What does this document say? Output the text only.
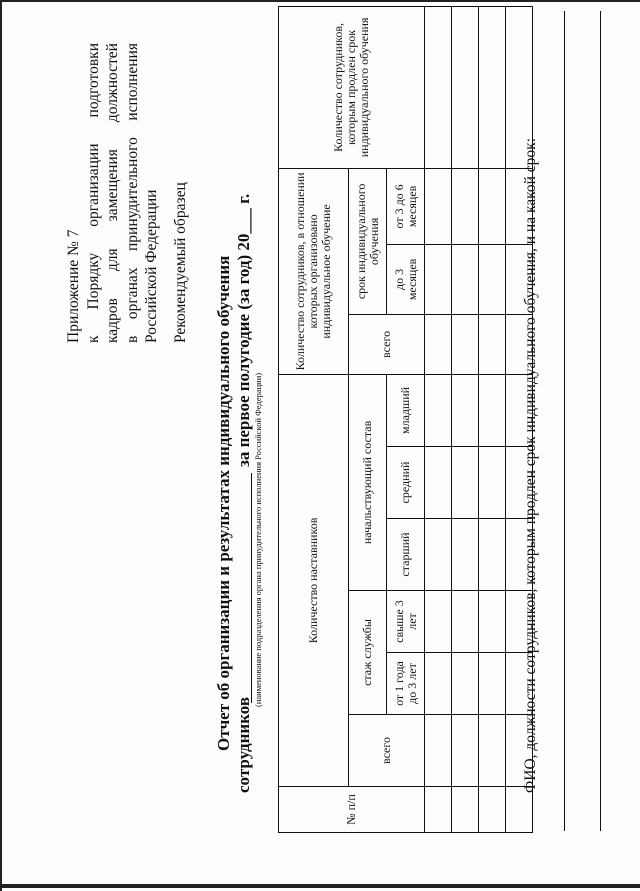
Приложение № 7 к
Порядку
организации
подготовки
кадров
для
замещения
должностей
в
органах
принудительного
исполнения
Российской Федерации Рекомендуемый образец Отчет об организации и результатах индивидуального обучения сотрудников
за первое полугодие (за год) 20___ г.
(наименование подразделения органа принудительного исполнения Российской Федерации)
№ п/п	Количество наставников						Количество сотрудников, в отношении которых организовано индивидуальное обучение			Количество сотрудников, которым продлен срок индивидуального обучения
	всего	стаж службы		начальствующий состав			всего	срок индивидуального обучения		
		от 1 года до 3 лет	свыше 3 лет	старший	средний	младший		до 3 месяцев	от 3 до 6 месяцев	

											ФИО, должности сотрудников, которым продлен срок индивидуального обучения, и на какой срок:
